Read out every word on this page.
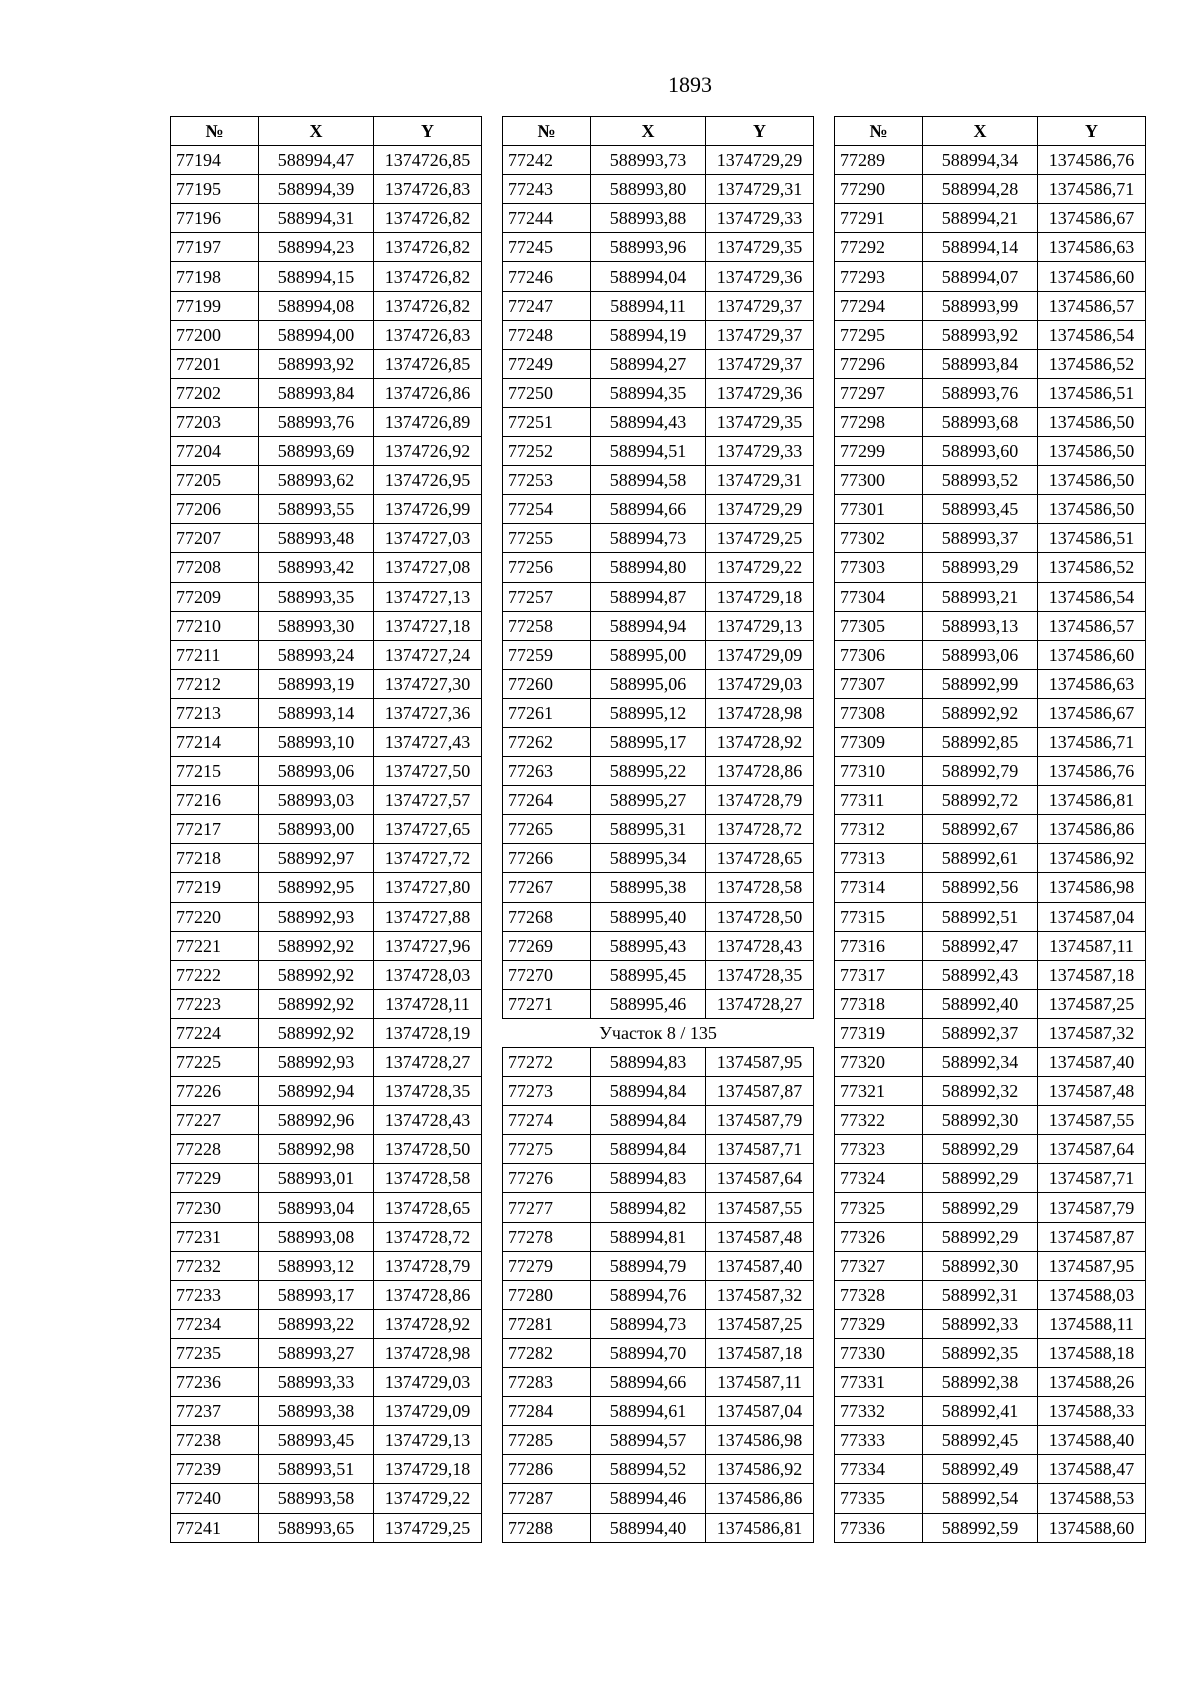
1893
№	X	Y
77194	588994,47	1374726,85
77195	588994,39	1374726,83
77196	588994,31	1374726,82
77197	588994,23	1374726,82
77198	588994,15	1374726,82
77199	588994,08	1374726,82
77200	588994,00	1374726,83
77201	588993,92	1374726,85
77202	588993,84	1374726,86
77203	588993,76	1374726,89
77204	588993,69	1374726,92
77205	588993,62	1374726,95
77206	588993,55	1374726,99
77207	588993,48	1374727,03
77208	588993,42	1374727,08
77209	588993,35	1374727,13
77210	588993,30	1374727,18
77211	588993,24	1374727,24
77212	588993,19	1374727,30
77213	588993,14	1374727,36
77214	588993,10	1374727,43
77215	588993,06	1374727,50
77216	588993,03	1374727,57
77217	588993,00	1374727,65
77218	588992,97	1374727,72
77219	588992,95	1374727,80
77220	588992,93	1374727,88
77221	588992,92	1374727,96
77222	588992,92	1374728,03
77223	588992,92	1374728,11
77224	588992,92	1374728,19
77225	588992,93	1374728,27
77226	588992,94	1374728,35
77227	588992,96	1374728,43
77228	588992,98	1374728,50
77229	588993,01	1374728,58
77230	588993,04	1374728,65
77231	588993,08	1374728,72
77232	588993,12	1374728,79
77233	588993,17	1374728,86
77234	588993,22	1374728,92
77235	588993,27	1374728,98
77236	588993,33	1374729,03
77237	588993,38	1374729,09
77238	588993,45	1374729,13
77239	588993,51	1374729,18
77240	588993,58	1374729,22
77241	588993,65	1374729,25
№	X	Y
77242	588993,73	1374729,29
77243	588993,80	1374729,31
77244	588993,88	1374729,33
77245	588993,96	1374729,35
77246	588994,04	1374729,36
77247	588994,11	1374729,37
77248	588994,19	1374729,37
77249	588994,27	1374729,37
77250	588994,35	1374729,36
77251	588994,43	1374729,35
77252	588994,51	1374729,33
77253	588994,58	1374729,31
77254	588994,66	1374729,29
77255	588994,73	1374729,25
77256	588994,80	1374729,22
77257	588994,87	1374729,18
77258	588994,94	1374729,13
77259	588995,00	1374729,09
77260	588995,06	1374729,03
77261	588995,12	1374728,98
77262	588995,17	1374728,92
77263	588995,22	1374728,86
77264	588995,27	1374728,79
77265	588995,31	1374728,72
77266	588995,34	1374728,65
77267	588995,38	1374728,58
77268	588995,40	1374728,50
77269	588995,43	1374728,43
77270	588995,45	1374728,35
77271	588995,46	1374728,27
Участок 8 / 135		
77272	588994,83	1374587,95
77273	588994,84	1374587,87
77274	588994,84	1374587,79
77275	588994,84	1374587,71
77276	588994,83	1374587,64
77277	588994,82	1374587,55
77278	588994,81	1374587,48
77279	588994,79	1374587,40
77280	588994,76	1374587,32
77281	588994,73	1374587,25
77282	588994,70	1374587,18
77283	588994,66	1374587,11
77284	588994,61	1374587,04
77285	588994,57	1374586,98
77286	588994,52	1374586,92
77287	588994,46	1374586,86
77288	588994,40	1374586,81
№	X	Y
77289	588994,34	1374586,76
77290	588994,28	1374586,71
77291	588994,21	1374586,67
77292	588994,14	1374586,63
77293	588994,07	1374586,60
77294	588993,99	1374586,57
77295	588993,92	1374586,54
77296	588993,84	1374586,52
77297	588993,76	1374586,51
77298	588993,68	1374586,50
77299	588993,60	1374586,50
77300	588993,52	1374586,50
77301	588993,45	1374586,50
77302	588993,37	1374586,51
77303	588993,29	1374586,52
77304	588993,21	1374586,54
77305	588993,13	1374586,57
77306	588993,06	1374586,60
77307	588992,99	1374586,63
77308	588992,92	1374586,67
77309	588992,85	1374586,71
77310	588992,79	1374586,76
77311	588992,72	1374586,81
77312	588992,67	1374586,86
77313	588992,61	1374586,92
77314	588992,56	1374586,98
77315	588992,51	1374587,04
77316	588992,47	1374587,11
77317	588992,43	1374587,18
77318	588992,40	1374587,25
77319	588992,37	1374587,32
77320	588992,34	1374587,40
77321	588992,32	1374587,48
77322	588992,30	1374587,55
77323	588992,29	1374587,64
77324	588992,29	1374587,71
77325	588992,29	1374587,79
77326	588992,29	1374587,87
77327	588992,30	1374587,95
77328	588992,31	1374588,03
77329	588992,33	1374588,11
77330	588992,35	1374588,18
77331	588992,38	1374588,26
77332	588992,41	1374588,33
77333	588992,45	1374588,40
77334	588992,49	1374588,47
77335	588992,54	1374588,53
77336	588992,59	1374588,60
